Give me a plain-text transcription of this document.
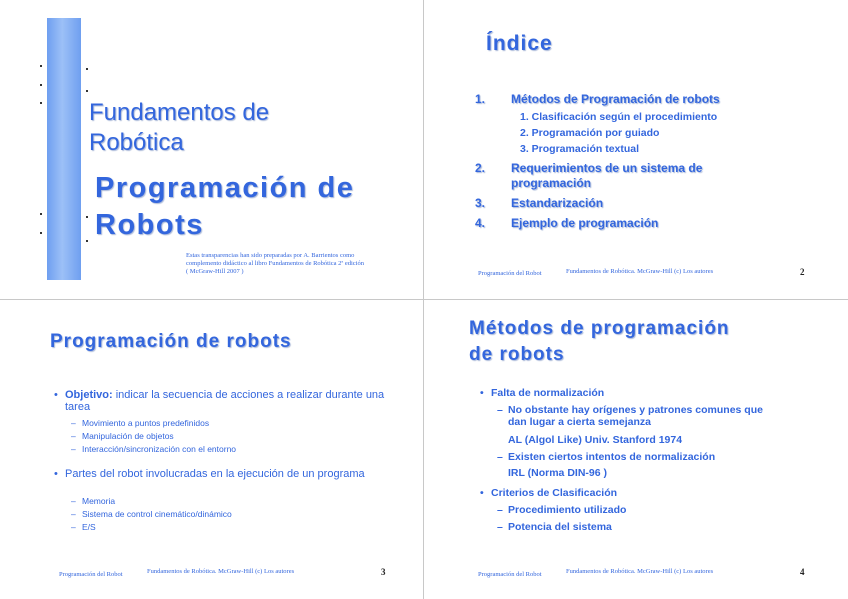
Fundamentos de
Robótica
Programación de
Robots
Estas transparencias han sido preparadas por A. Barrientos como
complemento didáctico al libro Fundamentos de Robótica 2ª edición
( McGraw-Hill 2007 )
Índice
1. Métodos de Programación de robots
1. Clasificación según el procedimiento
2. Programación por guiado
3. Programación textual
2. Requerimientos de un sistema de
programación
3. Estandarización
4. Ejemplo de programación
Programación del Robot	Fundamentos de Robótica. McGraw-Hill (c) Los autores	2
Programación de robots
• Objetivo: indicar la secuencia de acciones a realizar durante una tarea
– Movimiento a puntos predefinidos
– Manipulación de objetos
– Interacción/sincronización con el entorno
• Partes del robot involucradas en la ejecución de un programa
– Memoria
– Sistema de control cinemático/dinámico
– E/S
Programación del Robot	Fundamentos de Robótica. McGraw-Hill (c) Los autores	3
Métodos de programación
de robots
• Falta de normalización
– No obstante hay orígenes y patrones comunes que
dan lugar a cierta semejanza
AL (Algol Like) Univ. Stanford 1974
– Existen ciertos intentos de normalización
IRL (Norma DIN-96 )
• Criterios de Clasificación
– Procedimiento utilizado
– Potencia del sistema
Programación del Robot	Fundamentos de Robótica. McGraw-Hill (c) Los autores	4
